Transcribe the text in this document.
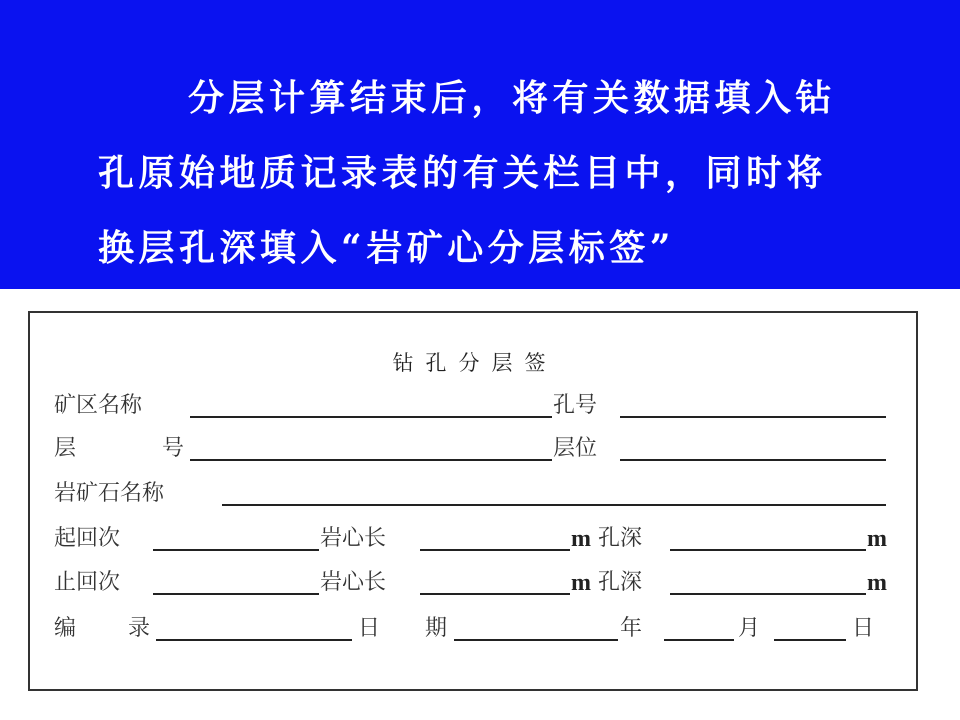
分层计算结束后，将有关数据填入钻
孔原始地质记录表的有关栏目中，同时将
换层孔深填入“岩矿心分层标签”
钻孔分层签
矿区名称	孔号
层	号	层位
岩矿石名称
起回次	岩心长	m 孔深	m
止回次	岩心长	m 孔深	m
编 录	日 期	年	月	日
